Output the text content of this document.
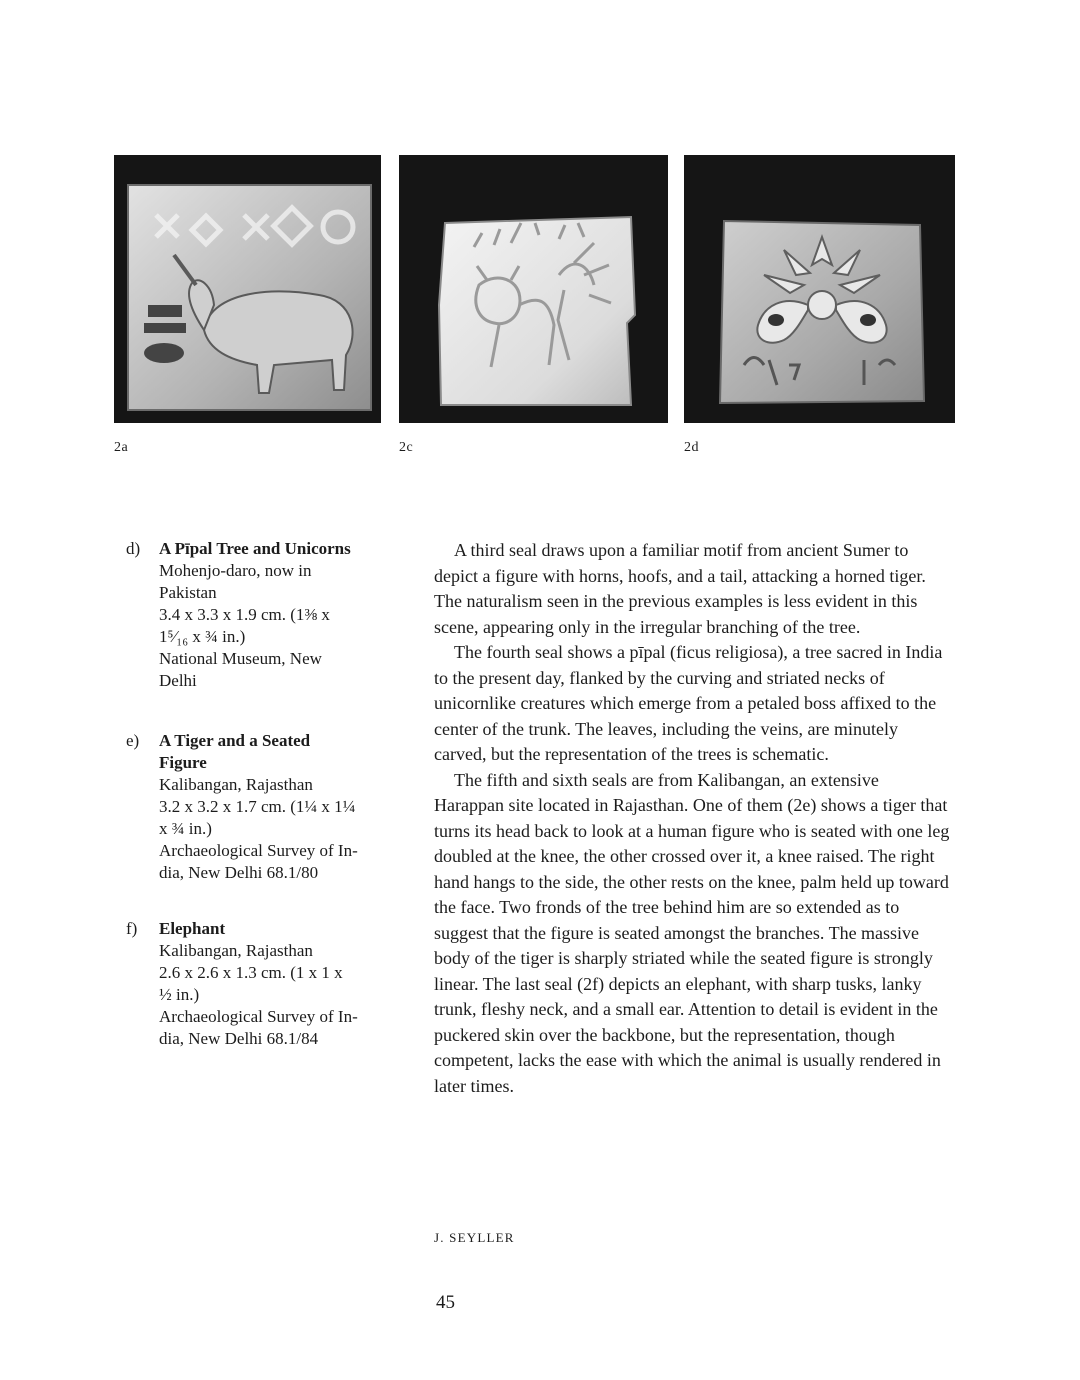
2a	2c	2d
d) A Pīpal Tree and Unicorns
Mohenjo-daro, now in
Pakistan
3.4 x 3.3 x 1.9 cm. (1⅜ x
1⁵⁄₁₆ x ¾ in.)
National Museum, New
Delhi
e) A Tiger and a Seated Figure
Kalibangan, Rajasthan
3.2 x 3.2 x 1.7 cm. (1¼ x 1¼
x ¾ in.)
Archaeological Survey of In-
dia, New Delhi 68.1/80
f) Elephant
Kalibangan, Rajasthan
2.6 x 2.6 x 1.3 cm. (1 x 1 x
½ in.)
Archaeological Survey of In-
dia, New Delhi 68.1/84

A third seal draws upon a familiar motif from ancient Sumer to depict a figure with horns, hoofs, and a tail, attacking a horned tiger. The naturalism seen in the previous examples is less evident in this scene, appearing only in the irregular branching of the tree.

The fourth seal shows a pīpal (ficus religiosa), a tree sacred in India to the present day, flanked by the curving and striated necks of unicornlike creatures which emerge from a petaled boss affixed to the center of the trunk. The leaves, including the veins, are minutely carved, but the representation of the trees is schematic.

The fifth and sixth seals are from Kalibangan, an extensive Harappan site located in Rajasthan. One of them (2e) shows a tiger that turns its head back to look at a human figure who is seated with one leg doubled at the knee, the other crossed over it, a knee raised. The right hand hangs to the side, the other rests on the knee, palm held up toward the face. Two fronds of the tree behind him are so extended as to suggest that the figure is seated amongst the branches. The massive body of the tiger is sharply striated while the seated figure is strongly linear. The last seal (2f) depicts an elephant, with sharp tusks, lanky trunk, fleshy neck, and a small ear. Attention to detail is evident in the puckered skin over the backbone, but the representation, though competent, lacks the ease with which the animal is usually rendered in later times.

J. SEYLLER
45
